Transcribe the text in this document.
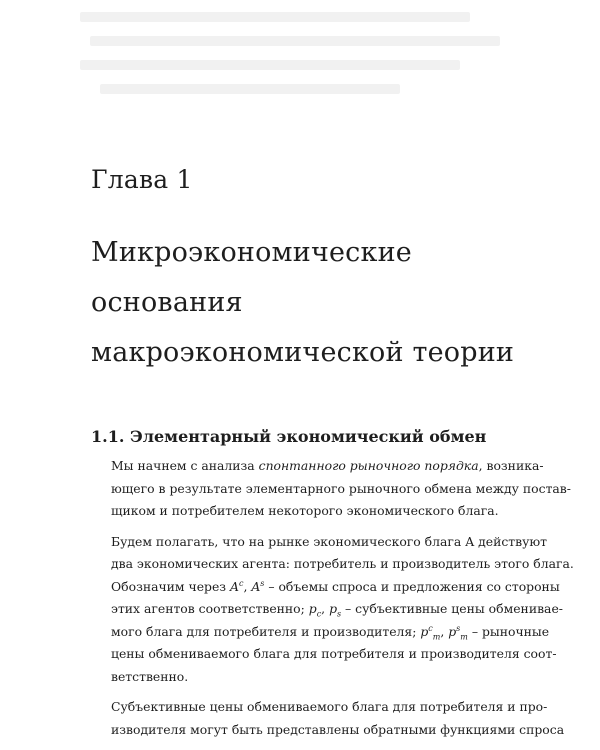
Глава 1
Микроэкономические
основания
макроэкономической теории
1.1. Элементарный экономический обмен

Мы начнем с анализа спонтанного рыночного порядка, возника-
ющего в результате элементарного рыночного обмена между постав-
щиком и потребителем некоторого экономического блага.

Будем полагать, что на рынке экономического блага A действуют
два экономических агента: потребитель и производитель этого блага.
Обозначим через $A^c$, $A^s$ – объемы спроса и предложения со стороны
этих агентов соответственно; $p_c$, $p_s$ – субъективные цены обменивае-
мого блага для потребителя и производителя; $p^c_m$, $p^s_m$ – рыночные
цены обмениваемого блага для потребителя и производителя соот-
ветственно.

Субъективные цены обмениваемого блага для потребителя и про-
изводителя могут быть представлены обратными функциями спроса
